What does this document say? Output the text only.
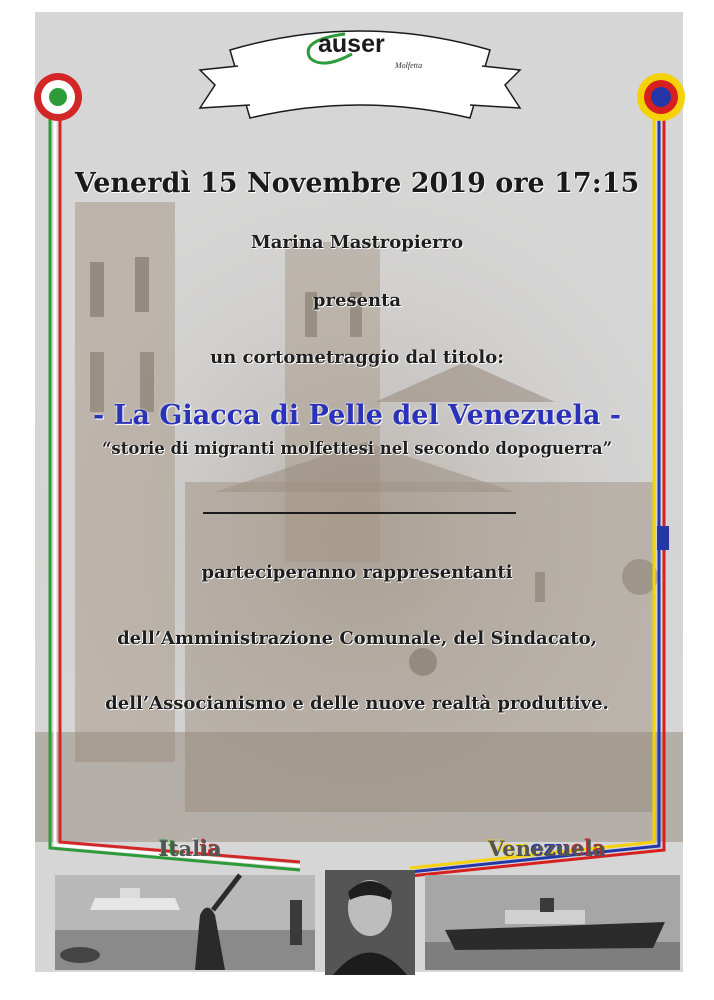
auser
Molfetta
Venerdì 15 Novembre 2019 ore 17:15
Marina Mastropierro
presenta
un cortometraggio dal titolo:
- La Giacca di Pelle del Venezuela -
“storie di migranti molfettesi nel secondo dopoguerra”
parteciperanno rappresentanti
dell’Amministrazione Comunale, del Sindacato,
dell’Associanismo e delle nuove realtà produttive.
Italia	Venezuela
